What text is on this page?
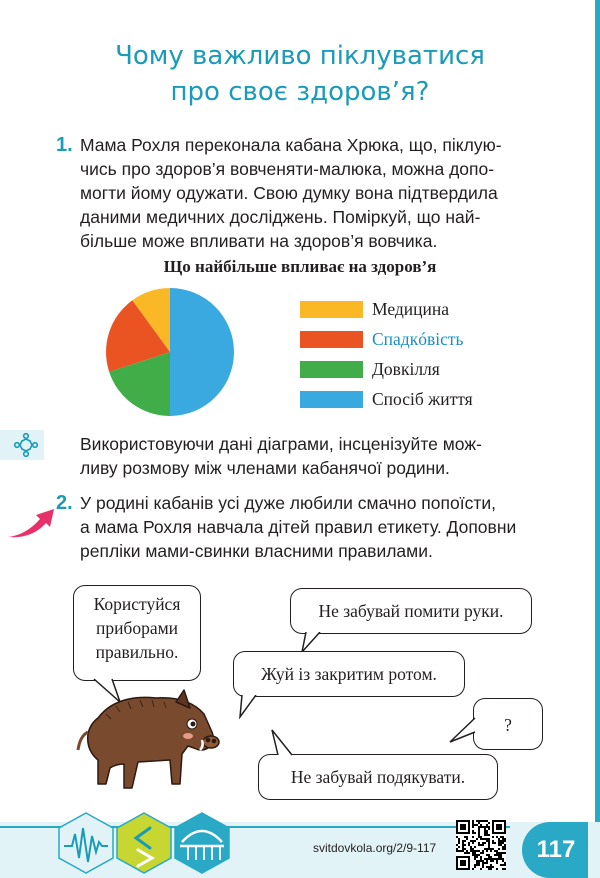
Чому важливо піклуватися
про своє здоров’я?
1. Мама Рохля переконала кабана Хрюка, що, піклую-
чись про здоров’я вовченяти-малюка, можна допо-
могти йому одужати. Свою думку вона підтвердила
даними медичних досліджень. Поміркуй, що най-
більше може впливати на здоров’я вовчика.
Що найбільше впливає на здоров’я
Медицина
Спадкóвість
Довкілля
Спосіб життя
Використовуючи дані діаграми, інсценізуйте мож-
ливу розмову між членами кабанячої родини.
2. У родині кабанів усі дуже любили смачно попоїсти,
а мама Рохля навчала дітей правил етикету. Доповни
репліки мами-свинки власними правилами.
Користуйся
приборами
правильно.
Не забувай помити руки.
Жуй із закритим ротом.
?
Не забувай подякувати.
svitdovkola.org/2/9-117	117
